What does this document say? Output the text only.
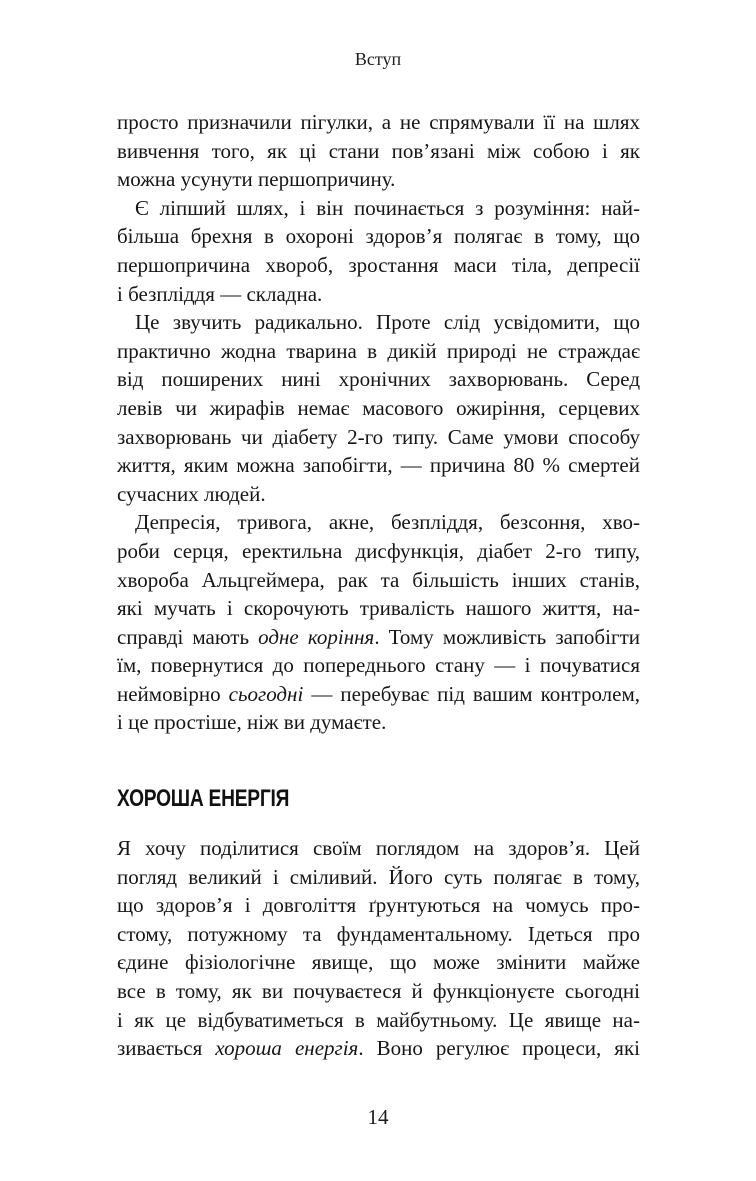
Вступ
просто призначили пігулки, а не спрямували її на шлях
вивчення того, як ці стани пов’язані між собою і як
можна усунути першопричину.
Є ліпший шлях, і він починається з розуміння: най-
більша брехня в охороні здоров’я полягає в тому, що
першопричина хвороб, зростання маси тіла, депресії
і безпліддя — складна.
Це звучить радикально. Проте слід усвідомити, що
практично жодна тварина в дикій природі не страждає
від поширених нині хронічних захворювань. Серед
левів чи жирафів немає масового ожиріння, серцевих
захворювань чи діабету 2-го типу. Саме умови способу
життя, яким можна запобігти, — причина 80 % смертей
сучасних людей.
Депресія, тривога, акне, безпліддя, безсоння, хво-
роби серця, еректильна дисфункція, діабет 2-го типу,
хвороба Альцгеймера, рак та більшість інших станів,
які мучать і скорочують тривалість нашого життя, на-
справді мають одне коріння. Тому можливість запобігти
їм, повернутися до попереднього стану — і почуватися
неймовірно сьогодні — перебуває під вашим контролем,
і це простіше, ніж ви думаєте.
ХОРОША ЕНЕРГІЯ
Я хочу поділитися своїм поглядом на здоров’я. Цей
погляд великий і сміливий. Його суть полягає в тому,
що здоров’я і довголіття ґрунтуються на чомусь про-
стому, потужному та фундаментальному. Ідеться про
єдине фізіологічне явище, що може змінити майже
все в тому, як ви почуваєтеся й функціонуєте сьогодні
і як це відбуватиметься в майбутньому. Це явище на-
зивається хороша енергія. Воно регулює процеси, які
14
